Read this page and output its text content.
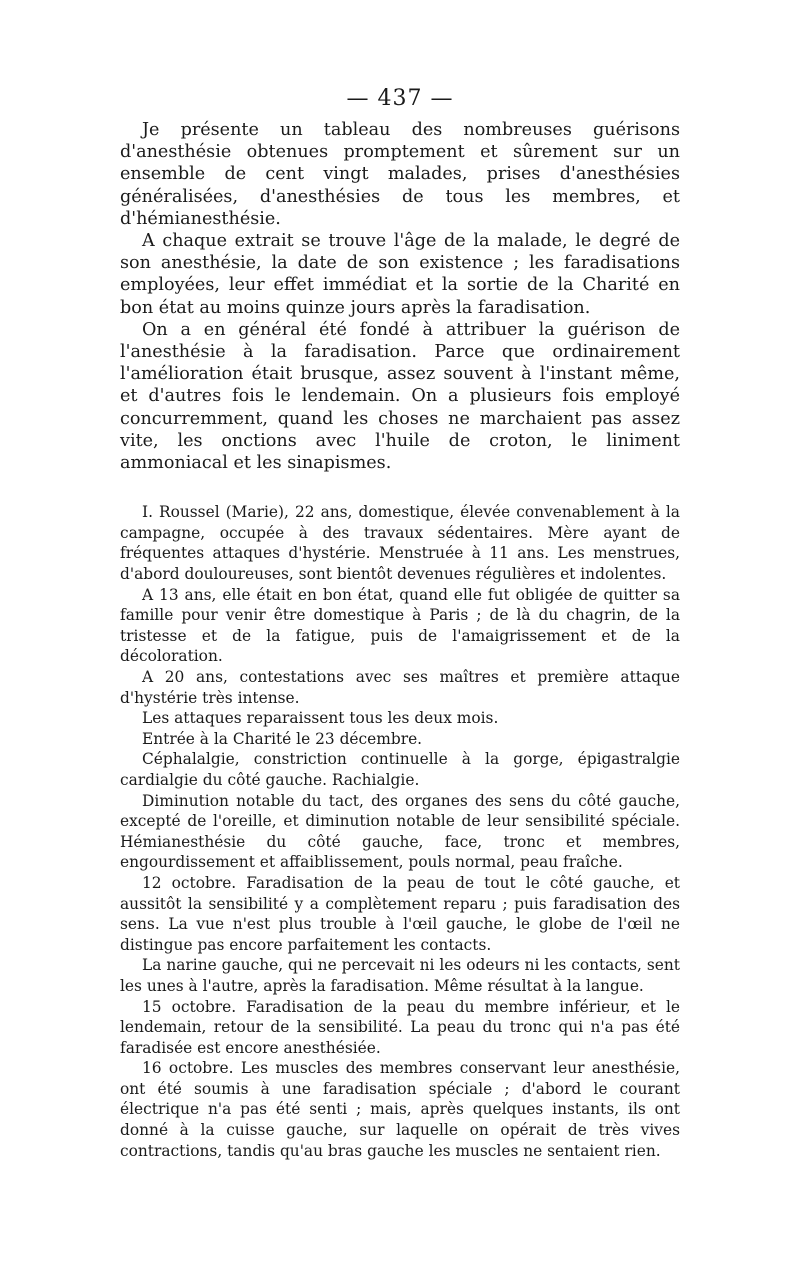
— 437 —

Je présente un tableau des nombreuses guérisons d'anesthésie obtenues promptement et sûrement sur un ensemble de cent vingt malades, prises d'anesthésies généralisées, d'anesthésies de tous les membres, et d'hémianesthésie.

A chaque extrait se trouve l'âge de la malade, le degré de son anesthésie, la date de son existence ; les faradisations employées, leur effet immédiat et la sortie de la Charité en bon état au moins quinze jours après la faradisation.

On a en général été fondé à attribuer la guérison de l'anesthésie à la faradisation. Parce que ordinairement l'amélioration était brusque, assez souvent à l'instant même, et d'autres fois le lendemain. On a plusieurs fois employé concurremment, quand les choses ne marchaient pas assez vite, les onctions avec l'huile de croton, le liniment ammoniacal et les sinapismes.

I. Roussel (Marie), 22 ans, domestique, élevée convenablement à la campagne, occupée à des travaux sédentaires. Mère ayant de fréquentes attaques d'hystérie. Menstruée à 11 ans. Les menstrues, d'abord douloureuses, sont bientôt devenues régulières et indolentes.

A 13 ans, elle était en bon état, quand elle fut obligée de quitter sa famille pour venir être domestique à Paris ; de là du chagrin, de la tristesse et de la fatigue, puis de l'amaigrissement et de la décoloration.

A 20 ans, contestations avec ses maîtres et première attaque d'hystérie très intense.

Les attaques reparaissent tous les deux mois.

Entrée à la Charité le 23 décembre.

Céphalalgie, constriction continuelle à la gorge, épigastralgie cardialgie du côté gauche. Rachialgie.

Diminution notable du tact, des organes des sens du côté gauche, excepté de l'oreille, et diminution notable de leur sensibilité spéciale. Hémianesthésie du côté gauche, face, tronc et membres, engourdissement et affaiblissement, pouls normal, peau fraîche.

12 octobre. Faradisation de la peau de tout le côté gauche, et aussitôt la sensibilité y a complètement reparu ; puis faradisation des sens. La vue n'est plus trouble à l'œil gauche, le globe de l'œil ne distingue pas encore parfaitement les contacts.

La narine gauche, qui ne percevait ni les odeurs ni les contacts, sent les unes à l'autre, après la faradisation. Même résultat à la langue.

15 octobre. Faradisation de la peau du membre inférieur, et le lendemain, retour de la sensibilité. La peau du tronc qui n'a pas été faradisée est encore anesthésiée.

16 octobre. Les muscles des membres conservant leur anesthésie, ont été soumis à une faradisation spéciale ; d'abord le courant électrique n'a pas été senti ; mais, après quelques instants, ils ont donné à la cuisse gauche, sur laquelle on opérait de très vives contractions, tandis qu'au bras gauche les muscles ne sentaient rien.
